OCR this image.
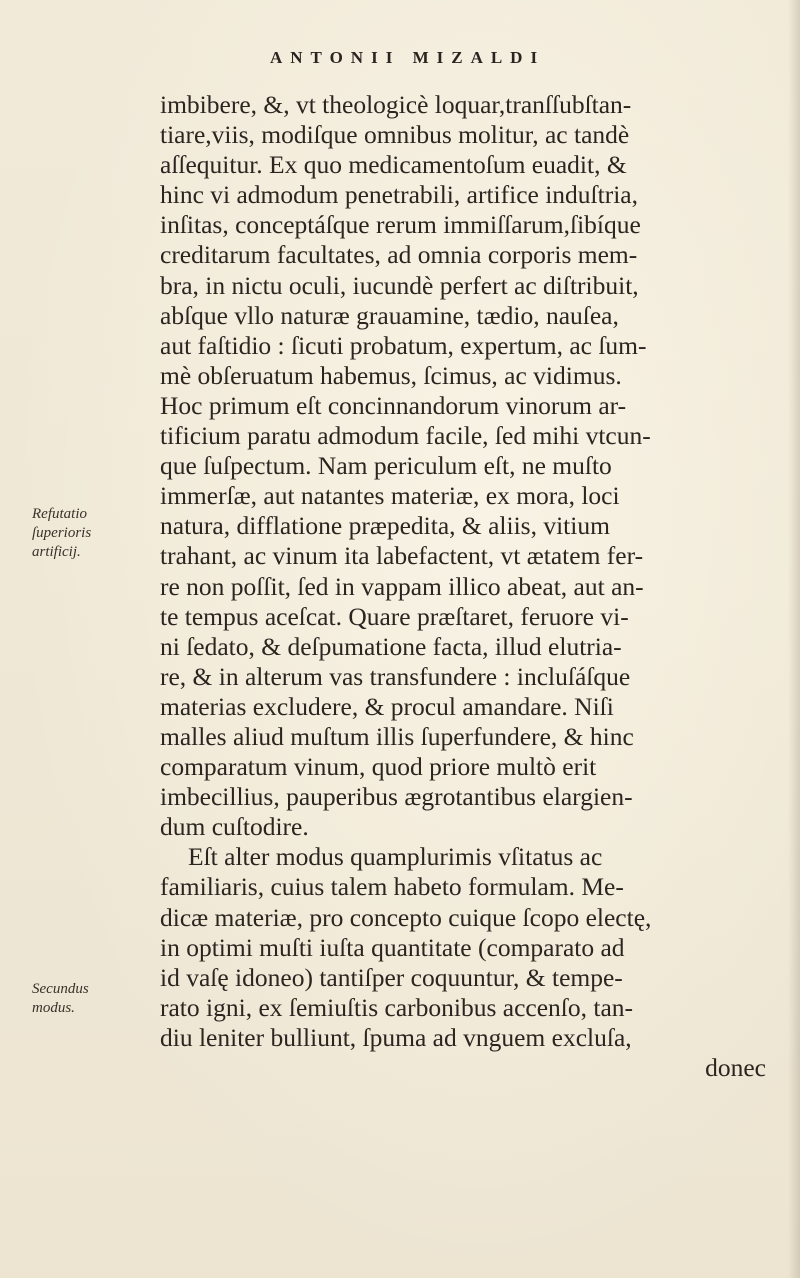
ANTONII MIZALDI
Refutatio
ſuperioris
artificij.
Secundus
modus.
imbibere, &, vt theologicè loquar,tranſſubſtan-
tiare,viis, modiſque omnibus molitur, ac tandè
aſſequitur. Ex quo medicamentoſum euadit, &
hinc vi admodum penetrabili, artifice induſtria,
inſitas, conceptáſque rerum immiſſarum,ſibíque
creditarum facultates, ad omnia corporis mem-
bra, in nictu oculi, iucundè perfert ac diſtribuit,
abſque vllo naturæ grauamine, tædio, nauſea,
aut faſtidio : ſicuti probatum, expertum, ac ſum-
mè obſeruatum habemus, ſcimus, ac vidimus.
Hoc primum eſt concinnandorum vinorum ar-
tificium paratu admodum facile, ſed mihi vtcun-
que ſuſpectum. Nam periculum eſt, ne muſto
immerſæ, aut natantes materiæ, ex mora, loci
natura, difflatione præpedita, & aliis, vitium
trahant, ac vinum ita labefactent, vt ætatem fer-
re non poſſit, ſed in vappam illico abeat, aut an-
te tempus aceſcat. Quare præſtaret, feruore vi-
ni ſedato, & deſpumatione facta, illud elutria-
re, & in alterum vas transfundere : incluſáſque
materias excludere, & procul amandare. Niſi
malles aliud muſtum illis ſuperfundere, & hinc
comparatum vinum, quod priore multò erit
imbecillius, pauperibus ægrotantibus elargien-
dum cuſtodire.
Eſt alter modus quamplurimis vſitatus ac
familiaris, cuius talem habeto formulam. Me-
dicæ materiæ, pro concepto cuique ſcopo electę,
in optimi muſti iuſta quantitate (comparato ad
id vaſę idoneo) tantiſper coquuntur, & tempe-
rato igni, ex ſemiuſtis carbonibus accenſo, tan-
diu leniter bulliunt, ſpuma ad vnguem excluſa,
donec
